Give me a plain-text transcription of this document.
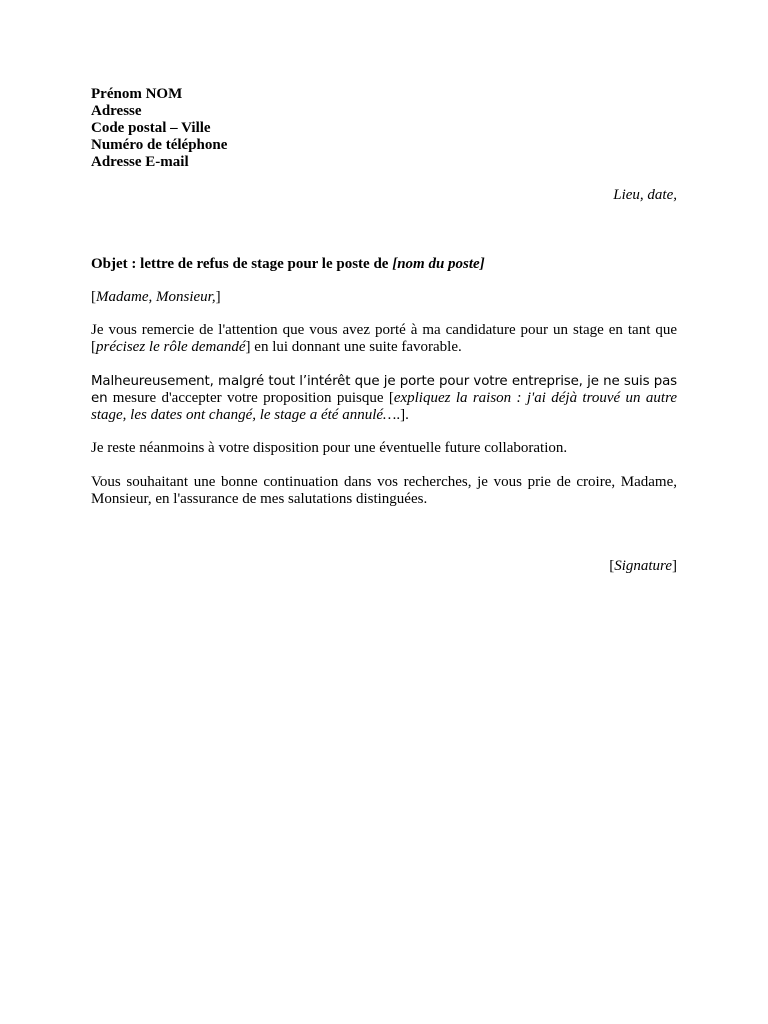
Prénom NOM
Adresse
Code postal – Ville
Numéro de téléphone
Adresse E-mail
Lieu, date,
Objet : lettre de refus de stage pour le poste de [nom du poste]
[Madame, Monsieur,]
Je vous remercie de l'attention que vous avez porté à ma candidature pour un stage en tant que [précisez le rôle demandé] en lui donnant une suite favorable.
Malheureusement, malgré tout l’intérêt que je porte pour votre entreprise, je ne suis pas en mesure d'accepter votre proposition puisque [expliquez la raison : j'ai déjà trouvé un autre stage, les dates ont changé, le stage a été annulé….].
Je reste néanmoins à votre disposition pour une éventuelle future collaboration.
Vous souhaitant une bonne continuation dans vos recherches, je vous prie de croire, Madame, Monsieur, en l'assurance de mes salutations distinguées.
[Signature]
